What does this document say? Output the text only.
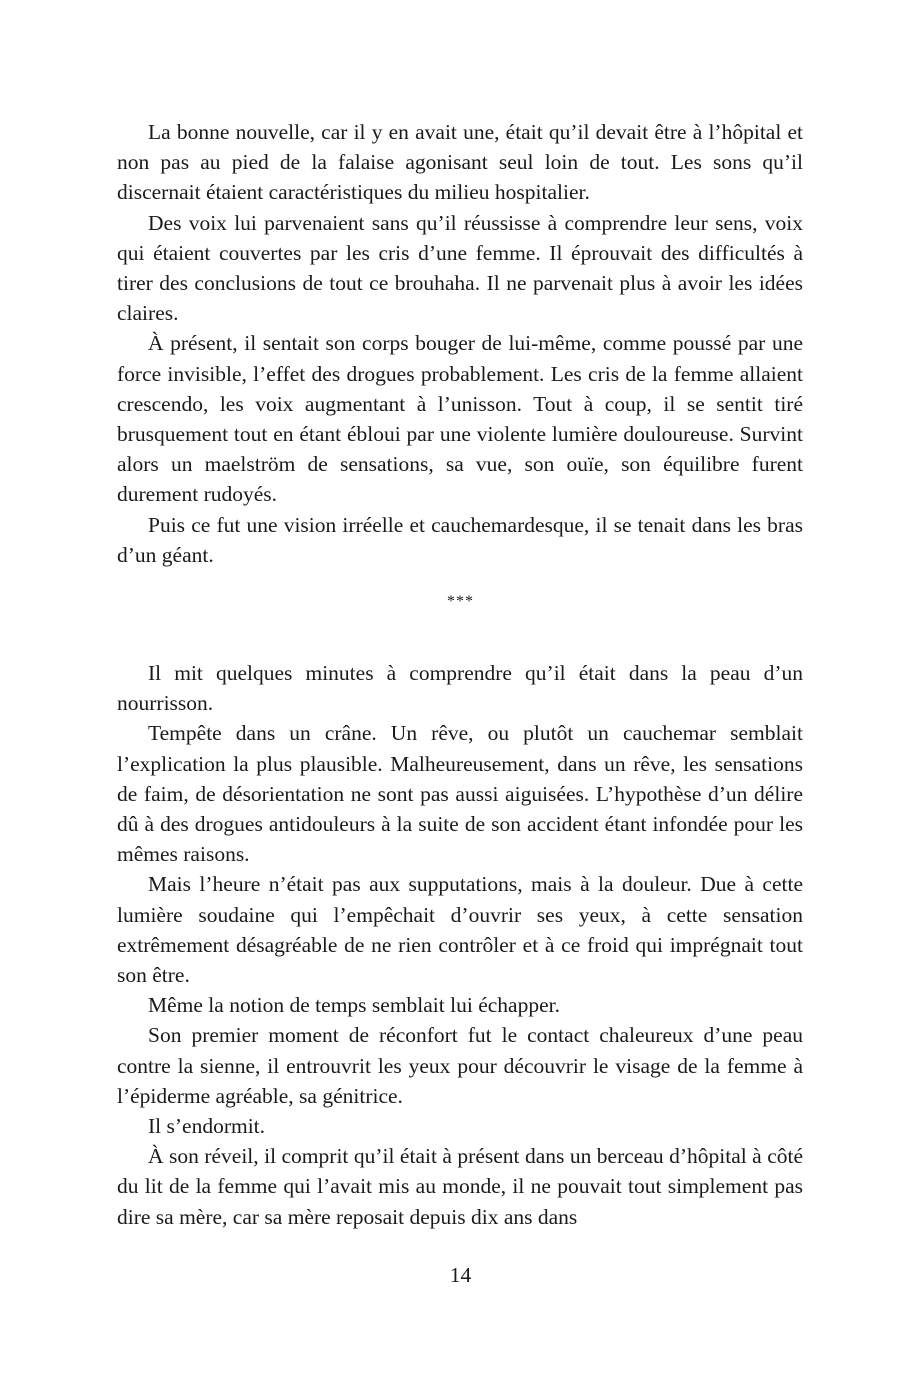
La bonne nouvelle, car il y en avait une, était qu’il devait être à l’hôpital et non pas au pied de la falaise agonisant seul loin de tout. Les sons qu’il discernait étaient caractéristiques du milieu hospitalier.

Des voix lui parvenaient sans qu’il réussisse à comprendre leur sens, voix qui étaient couvertes par les cris d’une femme. Il éprouvait des difficultés à tirer des conclusions de tout ce brouhaha. Il ne parvenait plus à avoir les idées claires.

À présent, il sentait son corps bouger de lui-même, comme poussé par une force invisible, l’effet des drogues probablement. Les cris de la femme allaient crescendo, les voix augmentant à l’unisson. Tout à coup, il se sentit tiré brusquement tout en étant ébloui par une violente lumière douloureuse. Survint alors un maelström de sensations, sa vue, son ouïe, son équilibre furent durement rudoyés.

Puis ce fut une vision irréelle et cauchemardesque, il se tenait dans les bras d’un géant.

***

Il mit quelques minutes à comprendre qu’il était dans la peau d’un nourrisson.

Tempête dans un crâne. Un rêve, ou plutôt un cauchemar semblait l’explication la plus plausible. Malheureusement, dans un rêve, les sensations de faim, de désorientation ne sont pas aussi aiguisées. L’hypothèse d’un délire dû à des drogues antidouleurs à la suite de son accident étant infondée pour les mêmes raisons.

Mais l’heure n’était pas aux supputations, mais à la douleur. Due à cette lumière soudaine qui l’empêchait d’ouvrir ses yeux, à cette sensation extrêmement désagréable de ne rien contrôler et à ce froid qui imprégnait tout son être.

Même la notion de temps semblait lui échapper.

Son premier moment de réconfort fut le contact chaleureux d’une peau contre la sienne, il entrouvrit les yeux pour découvrir le visage de la femme à l’épiderme agréable, sa génitrice.

Il s’endormit.

À son réveil, il comprit qu’il était à présent dans un berceau d’hôpital à côté du lit de la femme qui l’avait mis au monde, il ne pouvait tout simplement pas dire sa mère, car sa mère reposait depuis dix ans dans

14
